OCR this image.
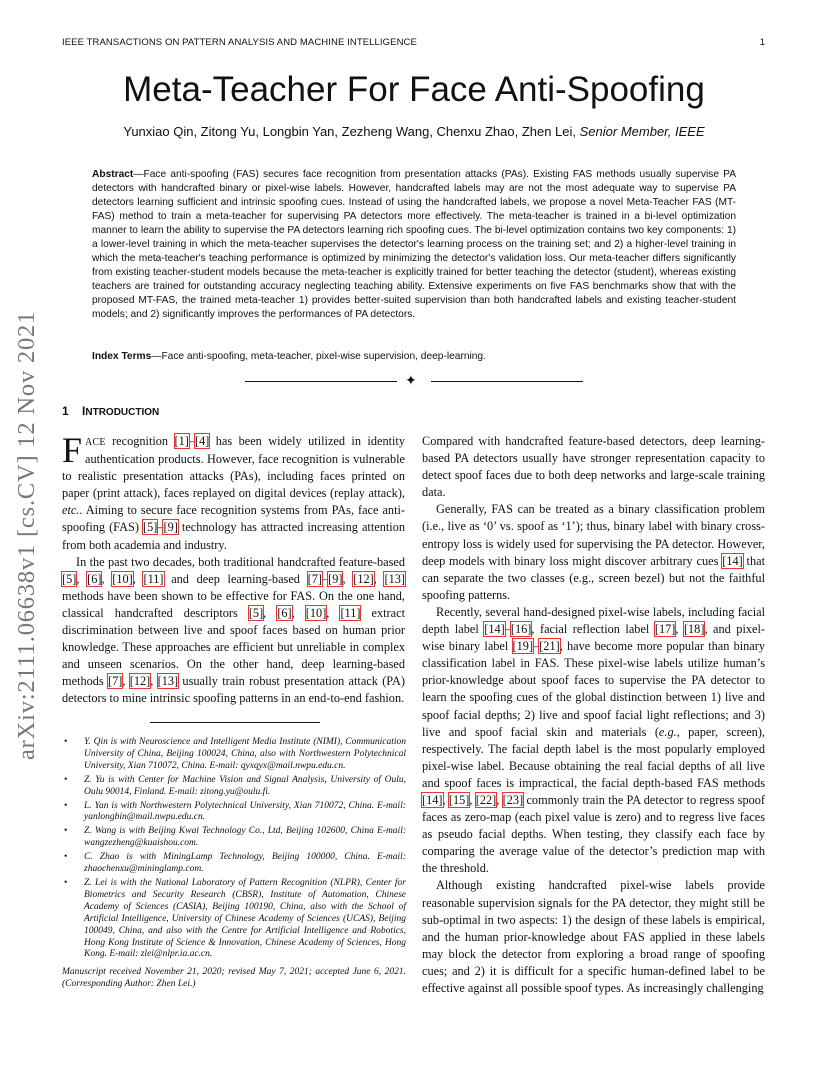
IEEE TRANSACTIONS ON PATTERN ANALYSIS AND MACHINE INTELLIGENCE	1
Meta-Teacher For Face Anti-Spoofing
Yunxiao Qin, Zitong Yu, Longbin Yan, Zezheng Wang, Chenxu Zhao, Zhen Lei, Senior Member, IEEE
Abstract—Face anti-spoofing (FAS) secures face recognition from presentation attacks (PAs). Existing FAS methods usually supervise PA detectors with handcrafted binary or pixel-wise labels. However, handcrafted labels may are not the most adequate way to supervise PA detectors learning sufficient and intrinsic spoofing cues. Instead of using the handcrafted labels, we propose a novel Meta-Teacher FAS (MT-FAS) method to train a meta-teacher for supervising PA detectors more effectively. The meta-teacher is trained in a bi-level optimization manner to learn the ability to supervise the PA detectors learning rich spoofing cues. The bi-level optimization contains two key components: 1) a lower-level training in which the meta-teacher supervises the detector's learning process on the training set; and 2) a higher-level training in which the meta-teacher's teaching performance is optimized by minimizing the detector's validation loss. Our meta-teacher differs significantly from existing teacher-student models because the meta-teacher is explicitly trained for better teaching the detector (student), whereas existing teachers are trained for outstanding accuracy neglecting teaching ability. Extensive experiments on five FAS benchmarks show that with the proposed MT-FAS, the trained meta-teacher 1) provides better-suited supervision than both handcrafted labels and existing teacher-student models; and 2) significantly improves the performances of PA detectors.
Index Terms—Face anti-spoofing, meta-teacher, pixel-wise supervision, deep-learning.
✦
arXiv:2111.06638v1 [cs.CV] 12 Nov 2021 1 INTRODUCTION

FACE recognition [1]–[4] has been widely utilized in identity authentication products. However, face recognition is vulnerable to realistic presentation attacks (PAs), including faces printed on paper (print attack), faces replayed on digital devices (replay attack), etc.. Aiming to secure face recognition systems from PAs, face anti-spoofing (FAS) [5]–[9] technology has attracted increasing attention from both academia and industry.

In the past two decades, both traditional handcrafted feature-based [5], [6], [10], [11] and deep learning-based [7]–[9], [12], [13] methods have been shown to be effective for FAS. On the one hand, classical handcrafted descriptors [5], [6], [10], [11] extract discrimination between live and spoof faces based on human prior knowledge. These approaches are efficient but unreliable in complex and unseen scenarios. On the other hand, deep learning-based methods [7], [12], [13] usually train robust presentation attack (PA) detectors to mine intrinsic spoofing patterns in an end-to-end fashion.

• Y. Qin is with Neuroscience and Intelligent Media Institute (NIMI), Communication University of China, Beijing 100024, China, also with Northwestern Polytechnical University, Xian 710072, China. E-mail: qyxqyx@mail.nwpu.edu.cn.
• Z. Yu is with Center for Machine Vision and Signal Analysis, University of Oulu, Oulu 90014, Finland. E-mail: zitong.yu@oulu.fi.
• L. Yan is with Northwestern Polytechnical University, Xian 710072, China. E-mail: yanlongbin@mail.nwpu.edu.cn.
• Z. Wang is with Beijing Kwai Technology Co., Ltd, Beijing 102600, China E-mail: wangzezheng@kuaishou.com.
• C. Zhao is with MiningLamp Technology, Beijing 100000, China. E-mail: zhaochenxu@mininglamp.com.
• Z. Lei is with the National Laboratory of Pattern Recognition (NLPR), Center for Biometrics and Security Research (CBSR), Institute of Automation, Chinese Academy of Sciences (CASIA), Beijing 100190, China, also with the School of Artificial Intelligence, University of Chinese Academy of Sciences (UCAS), Beijing 100049, China, and also with the Centre for Artificial Intelligence and Robotics, Hong Kong Institute of Science & Innovation, Chinese Academy of Sciences, Hong Kong. E-mail: zlei@nlpr.ia.ac.cn.
Manuscript received November 21, 2020; revised May 7, 2021; accepted June 6, 2021. (Corresponding Author: Zhen Lei.)

Compared with handcrafted feature-based detectors, deep learning-based PA detectors usually have stronger representation capacity to detect spoof faces due to both deep networks and large-scale training data.

Generally, FAS can be treated as a binary classification problem (i.e., live as ‘0’ vs. spoof as ‘1’); thus, binary label with binary cross-entropy loss is widely used for supervising the PA detector. However, deep models with binary loss might discover arbitrary cues [14] that can separate the two classes (e.g., screen bezel) but not the faithful spoofing patterns.

Recently, several hand-designed pixel-wise labels, including facial depth label [14]–[16], facial reflection label [17], [18], and pixel-wise binary label [19]–[21], have become more popular than binary classification label in FAS. These pixel-wise labels utilize human’s prior-knowledge about spoof faces to supervise the PA detector to learn the spoofing cues of the global distinction between 1) live and spoof facial depths; 2) live and spoof facial light reflections; and 3) live and spoof facial skin and materials (e.g., paper, screen), respectively. The facial depth label is the most popularly employed pixel-wise label. Because obtaining the real facial depths of all live and spoof faces is impractical, the facial depth-based FAS methods [14], [15], [22], [23] commonly train the PA detector to regress spoof faces as zero-map (each pixel value is zero) and to regress live faces as pseudo facial depths. When testing, they classify each face by comparing the average value of the detector’s prediction map with the threshold.

Although existing handcrafted pixel-wise labels provide reasonable supervision signals for the PA detector, they might still be sub-optimal in two aspects: 1) the design of these labels is empirical, and the human prior-knowledge about FAS applied in these labels may block the detector from exploring a broad range of spoofing cues; and 2) it is difficult for a specific human-defined label to be effective against all possible spoof types. As increasingly challenging
